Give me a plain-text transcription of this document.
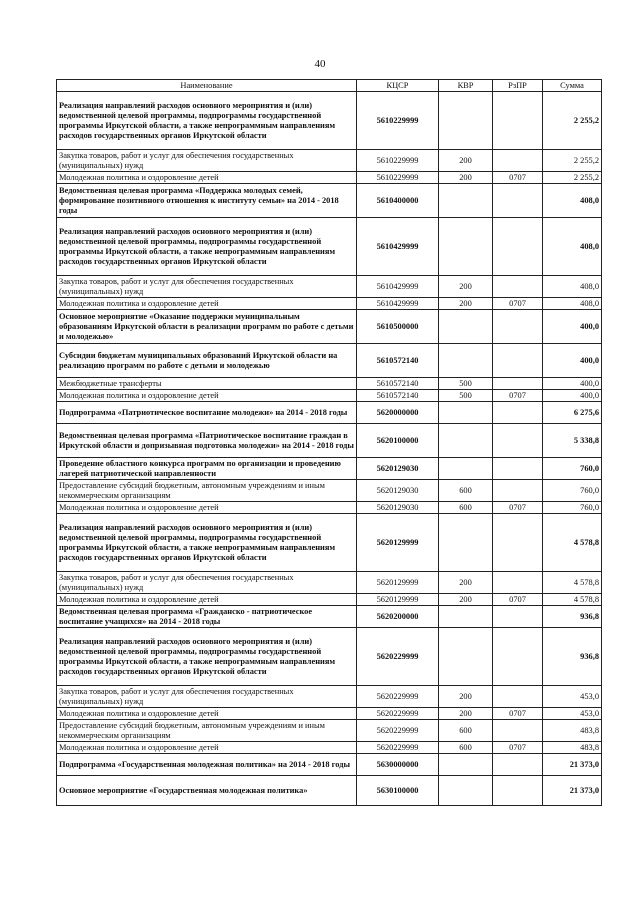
40
Наименование	КЦСР	КВР	РзПР	Сумма
Реализация направлений расходов основного мероприятия и (или) ведомственной целевой программы, подпрограммы государственной программы Иркутской области, а также непрограммным направлениям расходов государственных органов Иркутской области	5610229999			2 255,2
Закупка товаров, работ и услуг для обеспечения государственных (муниципальных) нужд	5610229999	200		2 255,2
Молодежная политика и оздоровление детей	5610229999	200	0707	2 255,2
Ведомственная целевая программа «Поддержка молодых семей, формирование позитивного отношения к институту семьи» на 2014 - 2018 годы	5610400000			408,0
Реализация направлений расходов основного мероприятия и (или) ведомственной целевой программы, подпрограммы государственной программы Иркутской области, а также непрограммным направлениям расходов государственных органов Иркутской области	5610429999			408,0
Закупка товаров, работ и услуг для обеспечения государственных (муниципальных) нужд	5610429999	200		408,0
Молодежная политика и оздоровление детей	5610429999	200	0707	408,0
Основное мероприятие «Оказание поддержки муниципальным образованиям Иркутской области в реализации программ по работе с детьми и молодежью»	5610500000			400,0
Субсидии бюджетам муниципальных образований Иркутской области на реализацию программ по работе с детьми и молодежью	5610572140			400,0
Межбюджетные трансферты	5610572140	500		400,0
Молодежная политика и оздоровление детей	5610572140	500	0707	400,0
Подпрограмма «Патриотическое воспитание молодежи» на 2014 - 2018 годы	5620000000			6 275,6
Ведомственная целевая программа «Патриотическое воспитание граждан в Иркутской области и допризывная подготовка молодежи» на 2014 - 2018 годы	5620100000			5 338,8
Проведение областного конкурса программ по организации и проведению лагерей патриотической направленности	5620129030			760,0
Предоставление субсидий бюджетным, автономным учреждениям и иным некоммерческим организациям	5620129030	600		760,0
Молодежная политика и оздоровление детей	5620129030	600	0707	760,0
Реализация направлений расходов основного мероприятия и (или) ведомственной целевой программы, подпрограммы государственной программы Иркутской области, а также непрограммным направлениям расходов государственных органов Иркутской области	5620129999			4 578,8
Закупка товаров, работ и услуг для обеспечения государственных (муниципальных) нужд	5620129999	200		4 578,8
Молодежная политика и оздоровление детей	5620129999	200	0707	4 578,8
Ведомственная целевая программа «Гражданско - патриотическое воспитание учащихся» на 2014 - 2018 годы	5620200000			936,8
Реализация направлений расходов основного мероприятия и (или) ведомственной целевой программы, подпрограммы государственной программы Иркутской области, а также непрограммным направлениям расходов государственных органов Иркутской области	5620229999			936,8
Закупка товаров, работ и услуг для обеспечения государственных (муниципальных) нужд	5620229999	200		453,0
Молодежная политика и оздоровление детей	5620229999	200	0707	453,0
Предоставление субсидий бюджетным, автономным учреждениям и иным некоммерческим организациям	5620229999	600		483,8
Молодежная политика и оздоровление детей	5620229999	600	0707	483,8
Подпрограмма «Государственная молодежная политика» на 2014 - 2018 годы	5630000000			21 373,0
Основное мероприятие «Государственная молодежная политика»	5630100000			21 373,0
